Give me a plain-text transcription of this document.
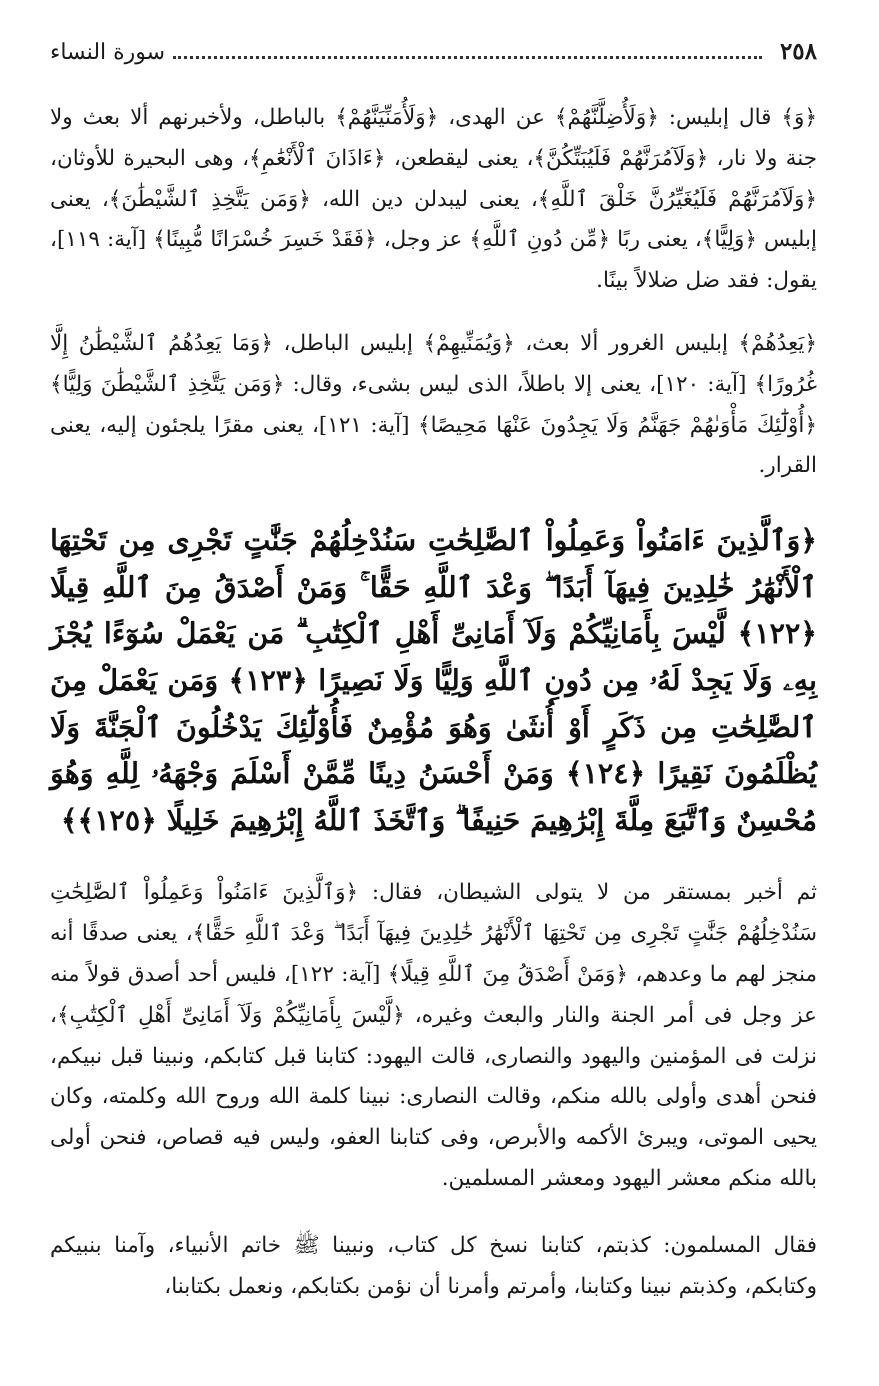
٢٥٨
سورة النساء

﴿وَ﴾ قال إبليس: ﴿وَلَأُضِلَّنَّهُمْ﴾ عن الهدى، ﴿وَلَأُمَنِّيَنَّهُمْ﴾ بالباطل، ولأخبرنهم ألا بعث ولا جنة ولا نار، ﴿وَلَآمُرَنَّهُمْ فَلَيُبَتِّكُنَّ﴾، يعنى ليقطعن، ﴿ءَاذَانَ ٱلْأَنْعَٰمِ﴾، وهى البحيرة للأوثان، ﴿وَلَآمُرَنَّهُمْ فَلَيُغَيِّرُنَّ خَلْقَ ٱللَّهِ﴾، يعنى ليبدلن دين الله، ﴿وَمَن يَتَّخِذِ ٱلشَّيْطَٰنَ﴾، يعنى إبليس ﴿وَلِيًّا﴾، يعنى ربًا ﴿مِّن دُونِ ٱللَّهِ﴾ عز وجل، ﴿فَقَدْ خَسِرَ خُسْرَانًا مُّبِينًا﴾ [آية: ١١٩]، يقول: فقد ضل ضلالاً بينًا.

﴿يَعِدُهُمْ﴾ إبليس الغرور ألا بعث، ﴿وَيُمَنِّيهِمْ﴾ إبليس الباطل، ﴿وَمَا يَعِدُهُمُ ٱلشَّيْطَٰنُ إِلَّا غُرُورًا﴾ [آية: ١٢٠]، يعنى إلا باطلاً، الذى ليس بشىء، وقال: ﴿وَمَن يَتَّخِذِ ٱلشَّيْطَٰنَ وَلِيًّا﴾ ﴿أُوْلَٰٓئِكَ مَأْوَىٰهُمْ جَهَنَّمُ وَلَا يَجِدُونَ عَنْهَا مَحِيصًا﴾ [آية: ١٢١]، يعنى مقرًا يلجئون إليه، يعنى القرار.

﴿وَٱلَّذِينَ ءَامَنُواْ وَعَمِلُواْ ٱلصَّٰلِحَٰتِ سَنُدْخِلُهُمْ جَنَّٰتٍ تَجْرِى مِن تَحْتِهَا ٱلْأَنْهَٰرُ خَٰلِدِينَ فِيهَآ أَبَدًا ۖ وَعْدَ ٱللَّهِ حَقًّا ۚ وَمَنْ أَصْدَقُ مِنَ ٱللَّهِ قِيلًا ﴿١٢٢﴾ لَّيْسَ بِأَمَانِيِّكُمْ وَلَآ أَمَانِىِّ أَهْلِ ٱلْكِتَٰبِ ۗ مَن يَعْمَلْ سُوٓءًا يُجْزَ بِهِۦ وَلَا يَجِدْ لَهُۥ مِن دُونِ ٱللَّهِ وَلِيًّا وَلَا نَصِيرًا ﴿١٢٣﴾ وَمَن يَعْمَلْ مِنَ ٱلصَّٰلِحَٰتِ مِن ذَكَرٍ أَوْ أُنثَىٰ وَهُوَ مُؤْمِنٌ فَأُوْلَٰٓئِكَ يَدْخُلُونَ ٱلْجَنَّةَ وَلَا يُظْلَمُونَ نَقِيرًا ﴿١٢٤﴾ وَمَنْ أَحْسَنُ دِينًا مِّمَّنْ أَسْلَمَ وَجْهَهُۥ لِلَّهِ وَهُوَ مُحْسِنٌ وَٱتَّبَعَ مِلَّةَ إِبْرَٰهِيمَ حَنِيفًا ۗ وَٱتَّخَذَ ٱللَّهُ إِبْرَٰهِيمَ خَلِيلًا ﴿١٢٥﴾﴾

ثم أخبر بمستقر من لا يتولى الشيطان، فقال: ﴿وَٱلَّذِينَ ءَامَنُواْ وَعَمِلُواْ ٱلصَّٰلِحَٰتِ سَنُدْخِلُهُمْ جَنَّٰتٍ تَجْرِى مِن تَحْتِهَا ٱلْأَنْهَٰرُ خَٰلِدِينَ فِيهَآ أَبَدًا ۖ وَعْدَ ٱللَّهِ حَقًّا﴾، يعنى صدقًا أنه منجز لهم ما وعدهم، ﴿وَمَنْ أَصْدَقُ مِنَ ٱللَّهِ قِيلًا﴾ [آية: ١٢٢]، فليس أحد أصدق قولاً منه عز وجل فى أمر الجنة والنار والبعث وغيره، ﴿لَّيْسَ بِأَمَانِيِّكُمْ وَلَآ أَمَانِىِّ أَهْلِ ٱلْكِتَٰبِ﴾، نزلت فى المؤمنين واليهود والنصارى، قالت اليهود: كتابنا قبل كتابكم، ونبينا قبل نبيكم، فنحن أهدى وأولى بالله منكم، وقالت النصارى: نبينا كلمة الله وروح الله وكلمته، وكان يحيى الموتى، ويبرئ الأكمه والأبرص، وفى كتابنا العفو، وليس فيه قصاص، فنحن أولى بالله منكم معشر اليهود ومعشر المسلمين.

فقال المسلمون: كذبتم، كتابنا نسخ كل كتاب، ونبينا ﷺ خاتم الأنبياء، وآمنا بنبيكم وكتابكم، وكذبتم نبينا وكتابنا، وأمرتم وأمرنا أن نؤمن بكتابكم، ونعمل بكتابنا،
